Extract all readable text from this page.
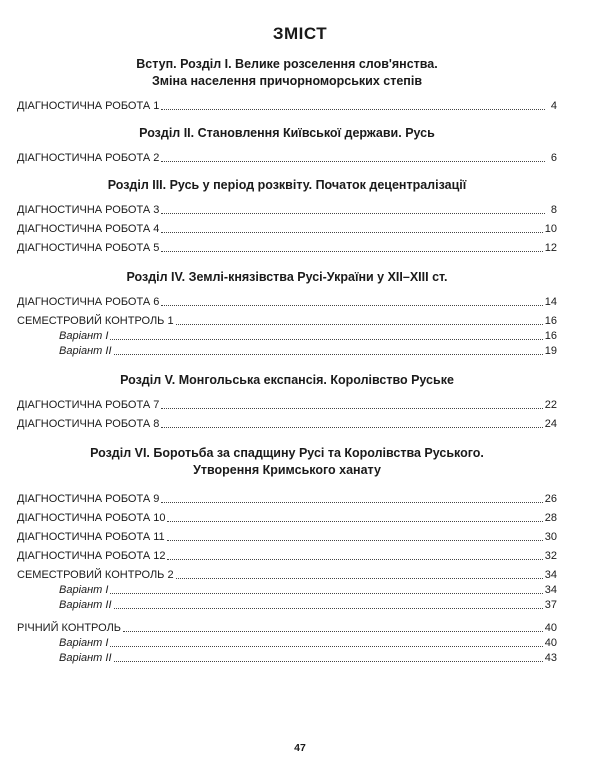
ЗМІСТ
Вступ. Розділ І. Велике розселення слов'янства.
Зміна населення причорноморських степів
ДІАГНОСТИЧНА РОБОТА 1	4
Розділ ІІ. Становлення Київської держави. Русь
ДІАГНОСТИЧНА РОБОТА 2	6
Розділ ІІІ. Русь у період розквіту. Початок децентралізації
ДІАГНОСТИЧНА РОБОТА 3	8
ДІАГНОСТИЧНА РОБОТА 4	10
ДІАГНОСТИЧНА РОБОТА 5	12
Розділ IV. Землі-князівства Русі-України у ХІІ–ХІІІ ст.
ДІАГНОСТИЧНА РОБОТА 6	14
СЕМЕСТРОВИЙ КОНТРОЛЬ 1	16
Варіант І	16
Варіант ІІ	19
Розділ V. Монгольська експансія. Королівство Руське
ДІАГНОСТИЧНА РОБОТА 7	22
ДІАГНОСТИЧНА РОБОТА 8	24
Розділ VI. Боротьба за спадщину Русі та Королівства Руського.
Утворення Кримського ханату
ДІАГНОСТИЧНА РОБОТА 9	26
ДІАГНОСТИЧНА РОБОТА 10	28
ДІАГНОСТИЧНА РОБОТА 11	30
ДІАГНОСТИЧНА РОБОТА 12	32
СЕМЕСТРОВИЙ КОНТРОЛЬ 2	34
Варіант І	34
Варіант ІІ	37
РІЧНИЙ КОНТРОЛЬ	40
Варіант І	40
Варіант ІІ	43
47
